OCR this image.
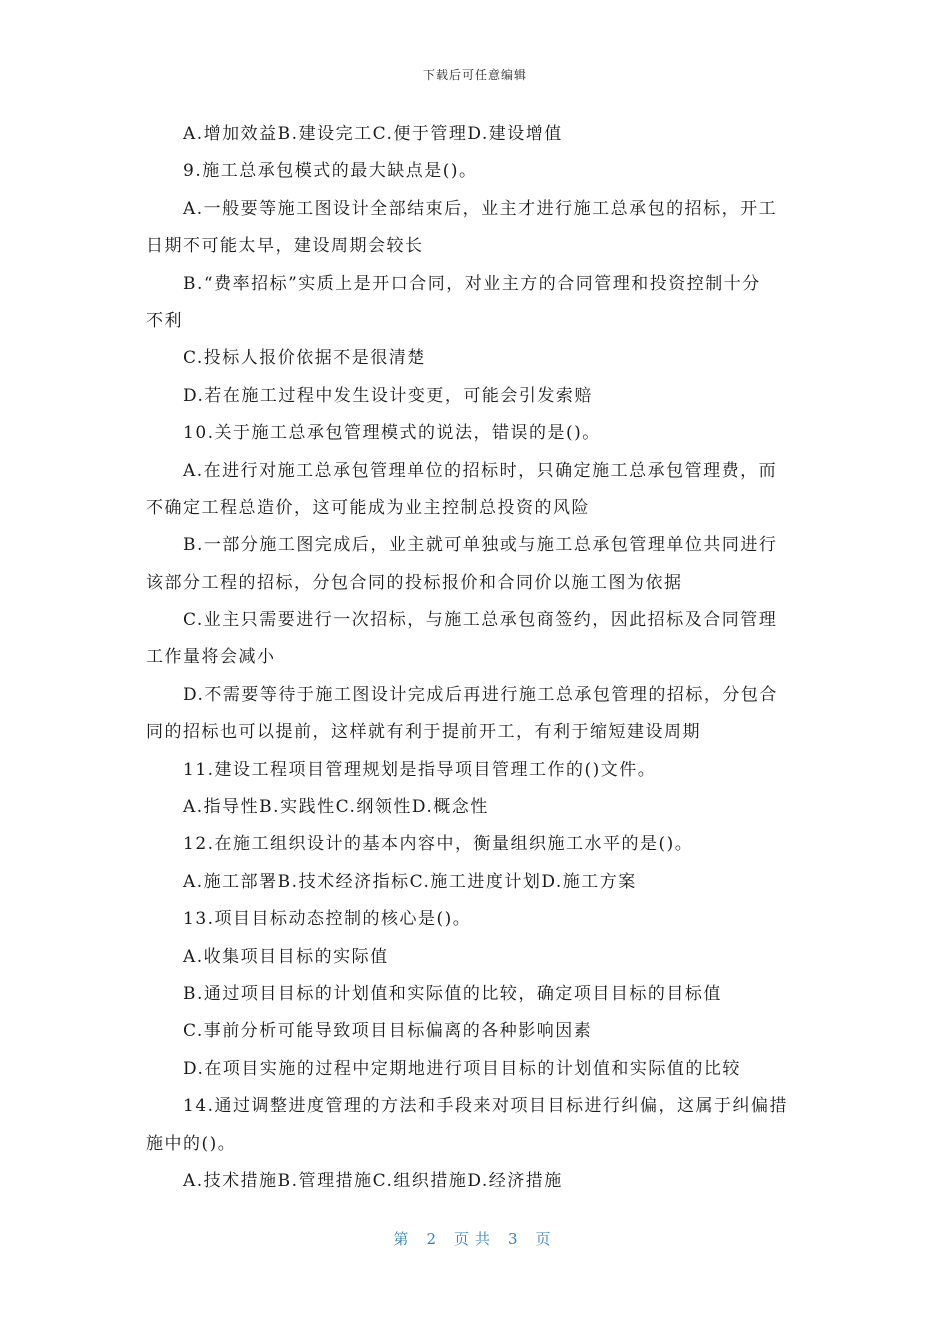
下载后可任意编辑
A.增加效益B.建设完工C.便于管理D.建设增值
9.施工总承包模式的最大缺点是()。
A.一般要等施工图设计全部结束后，业主才进行施工总承包的招标，开工
日期不可能太早，建设周期会较长
B.“费率招标”实质上是开口合同，对业主方的合同管理和投资控制十分
不利
C.投标人报价依据不是很清楚
D.若在施工过程中发生设计变更，可能会引发索赔
10.关于施工总承包管理模式的说法，错误的是()。
A.在进行对施工总承包管理单位的招标时，只确定施工总承包管理费，而
不确定工程总造价，这可能成为业主控制总投资的风险
B.一部分施工图完成后，业主就可单独或与施工总承包管理单位共同进行
该部分工程的招标，分包合同的投标报价和合同价以施工图为依据
C.业主只需要进行一次招标，与施工总承包商签约，因此招标及合同管理
工作量将会减小
D.不需要等待于施工图设计完成后再进行施工总承包管理的招标，分包合
同的招标也可以提前，这样就有利于提前开工，有利于缩短建设周期
11.建设工程项目管理规划是指导项目管理工作的()文件。
A.指导性B.实践性C.纲领性D.概念性
12.在施工组织设计的基本内容中，衡量组织施工水平的是()。
A.施工部署B.技术经济指标C.施工进度计划D.施工方案
13.项目目标动态控制的核心是()。
A.收集项目目标的实际值
B.通过项目目标的计划值和实际值的比较，确定项目目标的目标值
C.事前分析可能导致项目目标偏离的各种影响因素
D.在项目实施的过程中定期地进行项目目标的计划值和实际值的比较
14.通过调整进度管理的方法和手段来对项目目标进行纠偏，这属于纠偏措
施中的()。
A.技术措施B.管理措施C.组织措施D.经济措施
第 2 页共 3 页
